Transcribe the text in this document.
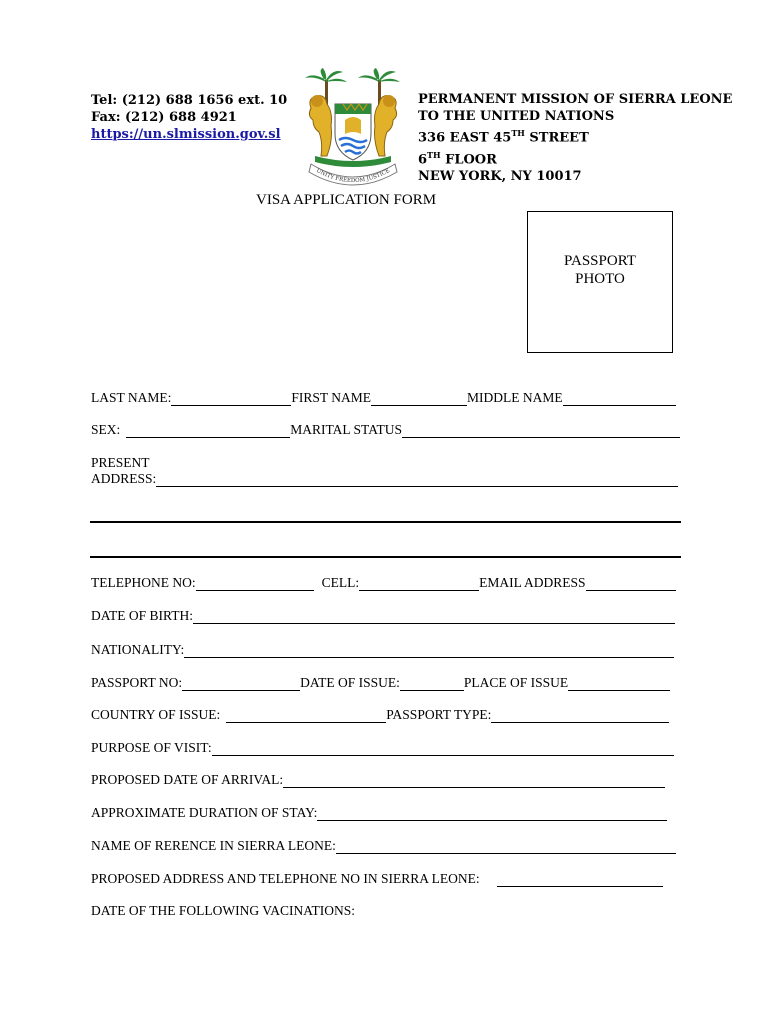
Tel: (212) 688 1656 ext. 10
Fax: (212) 688 4921
https://un.slmission.gov.sl
UNITY FREEDOM JUSTICE
PERMANENT MISSION OF SIERRA LEONE
TO THE UNITED NATIONS
336 EAST 45TH STREET
6TH FLOOR
NEW YORK, NY 10017
VISA APPLICATION FORM
PASSPORT
PHOTO
LAST NAME:	FIRST NAME	MIDDLE NAME
SEX:	MARITAL STATUS
PRESENT
ADDRESS:
TELEPHONE NO:	CELL:	EMAIL ADDRESS
DATE OF BIRTH:
NATIONALITY:
PASSPORT NO:	DATE OF ISSUE:	PLACE OF ISSUE
COUNTRY OF ISSUE:	PASSPORT TYPE:
PURPOSE OF VISIT:
PROPOSED DATE OF ARRIVAL:
APPROXIMATE DURATION OF STAY:
NAME OF RERENCE IN SIERRA LEONE:
PROPOSED ADDRESS AND TELEPHONE NO IN SIERRA LEONE:
DATE OF THE FOLLOWING VACINATIONS:
